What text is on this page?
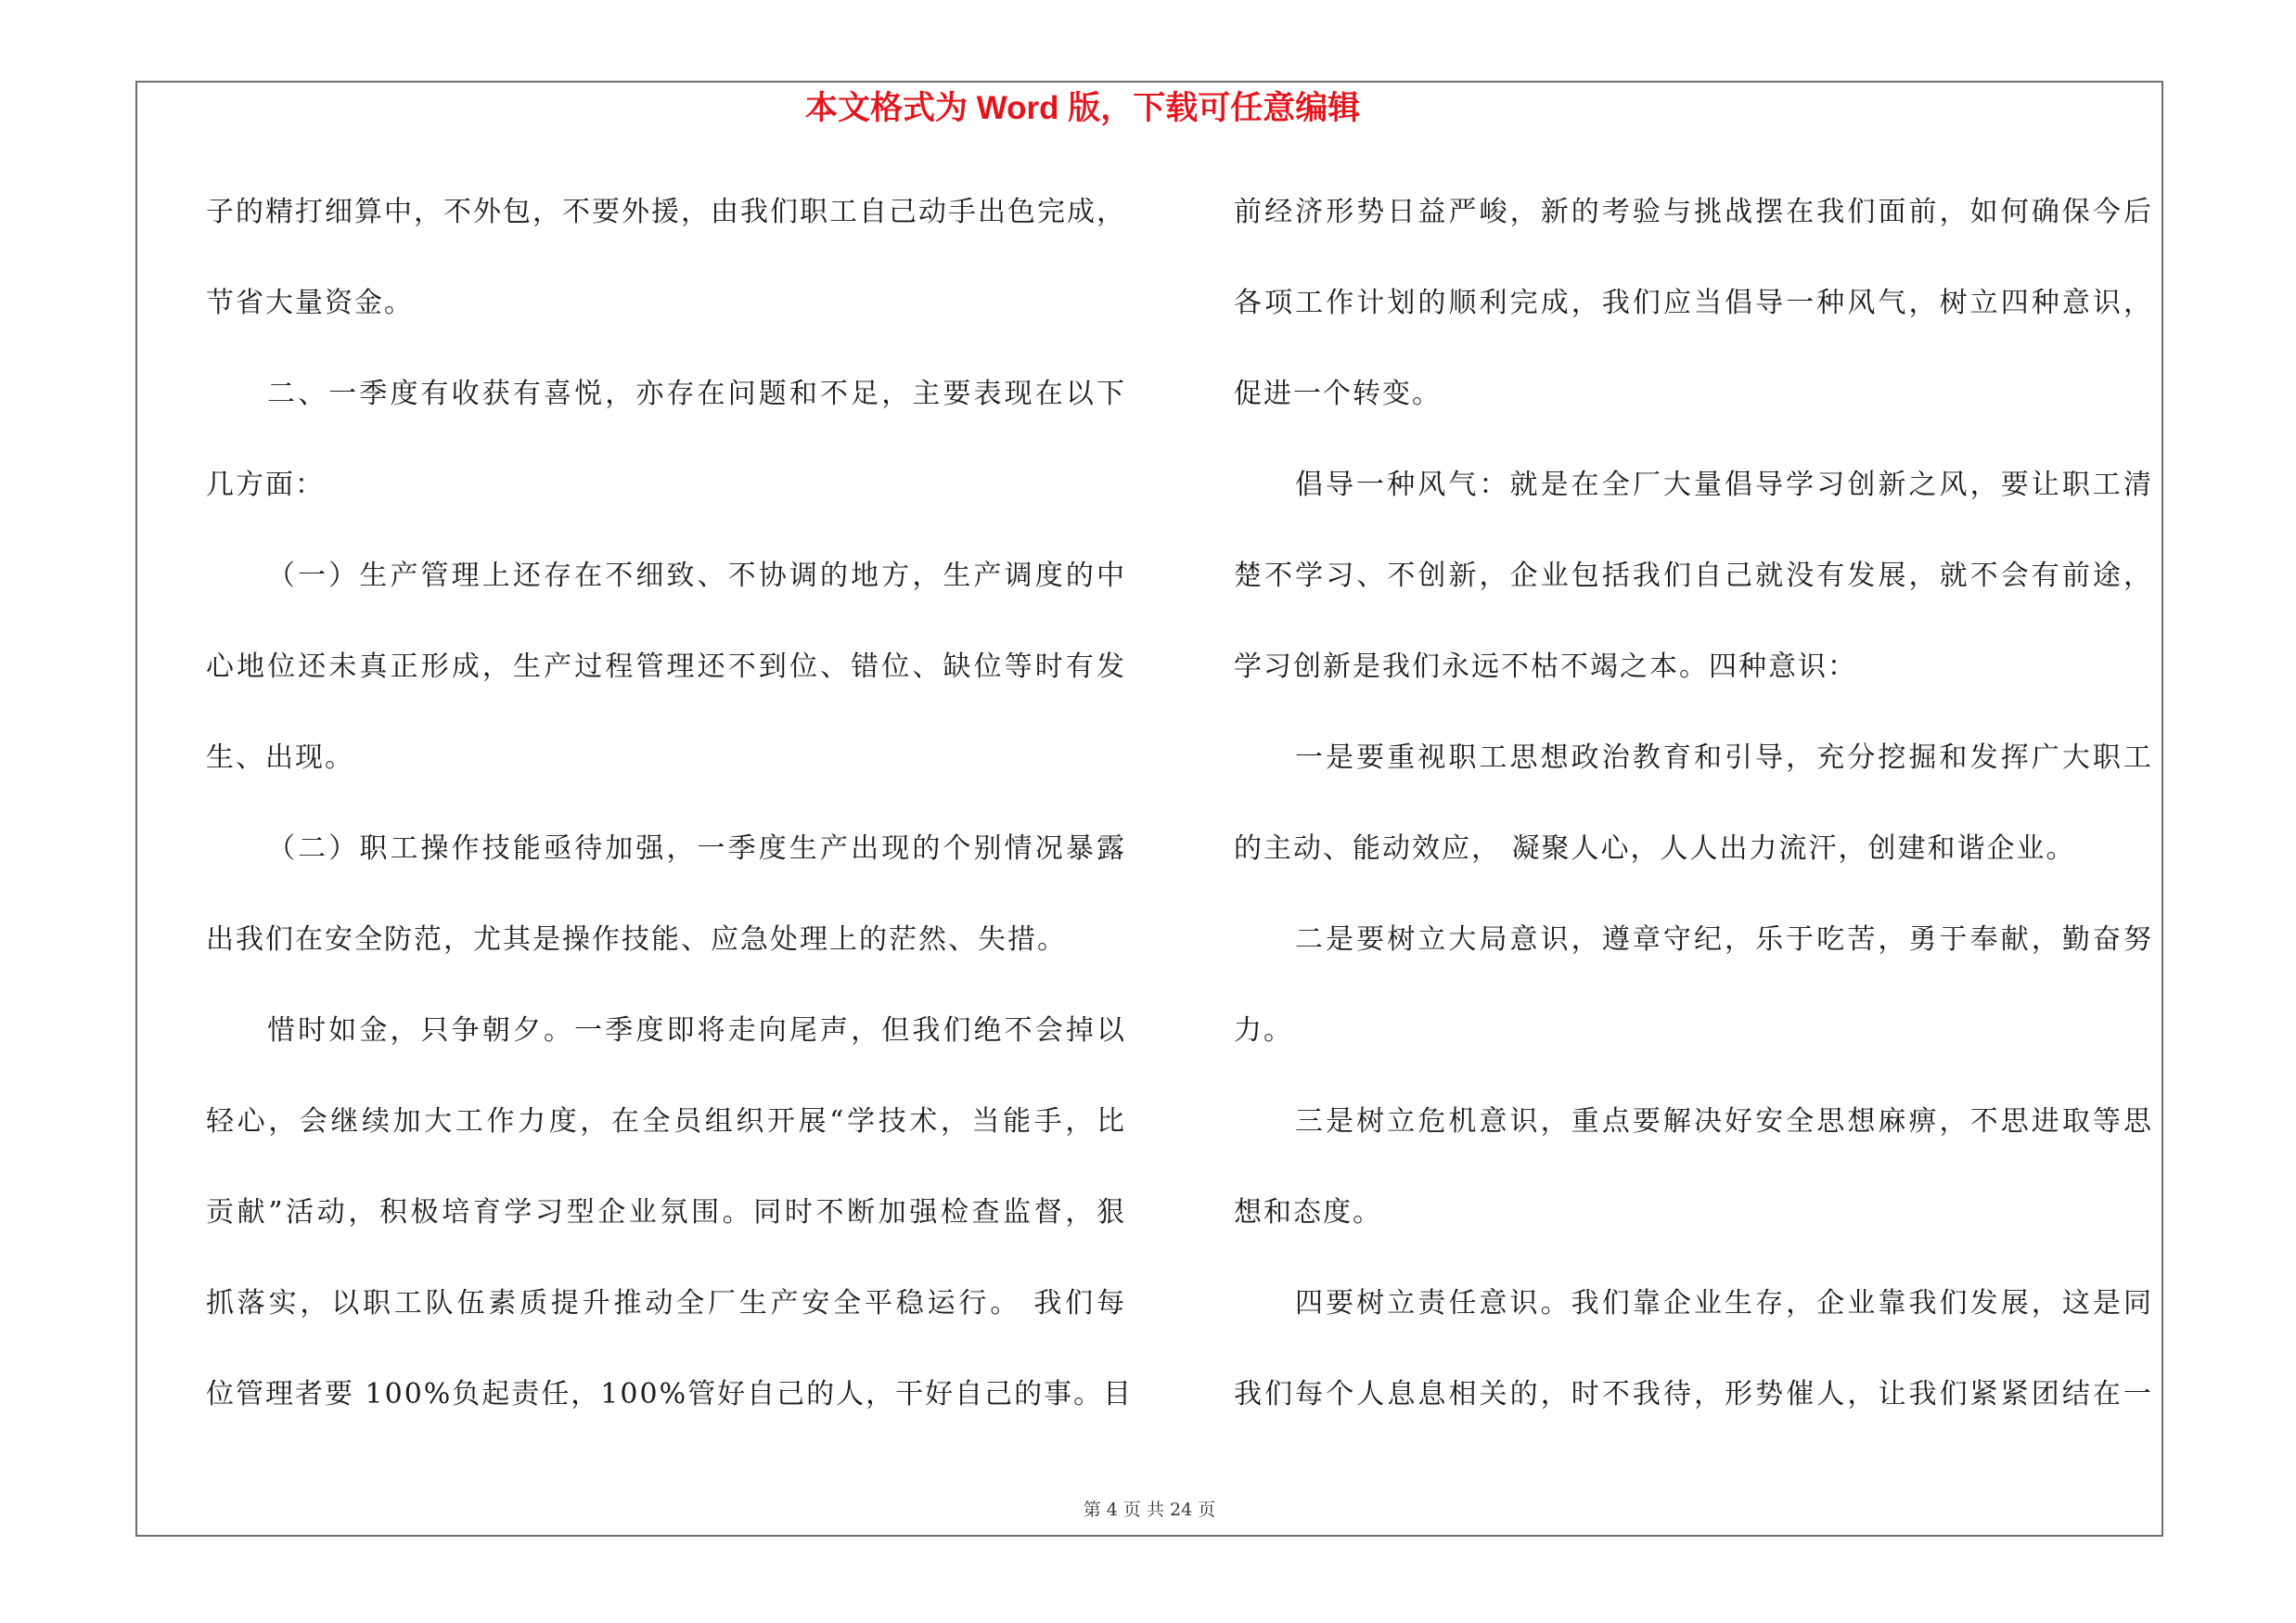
本文格式为 Word 版，下载可任意编辑
子的精打细算中，不外包，不要外援，由我们职工自己动手出色完成，
节省大量资金。
二、一季度有收获有喜悦，亦存在问题和不足，主要表现在以下
几方面：
（一）生产管理上还存在不细致、不协调的地方，生产调度的中
心地位还未真正形成，生产过程管理还不到位、错位、缺位等时有发
生、出现。
（二）职工操作技能亟待加强，一季度生产出现的个别情况暴露
出我们在安全防范，尤其是操作技能、应急处理上的茫然、失措。
惜时如金，只争朝夕。一季度即将走向尾声，但我们绝不会掉以
轻心，会继续加大工作力度，在全员组织开展“学技术，当能手，比
贡献”活动，积极培育学习型企业氛围。同时不断加强检查监督，狠
抓落实，以职工队伍素质提升推动全厂生产安全平稳运行。 我们每
位管理者要 100%负起责任，100%管好自己的人，干好自己的事。目
前经济形势日益严峻，新的考验与挑战摆在我们面前，如何确保今后
各项工作计划的顺利完成，我们应当倡导一种风气，树立四种意识，
促进一个转变。
倡导一种风气：就是在全厂大量倡导学习创新之风，要让职工清
楚不学习、不创新，企业包括我们自己就没有发展，就不会有前途，
学习创新是我们永远不枯不竭之本。四种意识：
一是要重视职工思想政治教育和引导，充分挖掘和发挥广大职工
的主动、能动效应， 凝聚人心，人人出力流汗，创建和谐企业。
二是要树立大局意识，遵章守纪，乐于吃苦，勇于奉献，勤奋努
力。
三是树立危机意识，重点要解决好安全思想麻痹，不思进取等思
想和态度。
四要树立责任意识。我们靠企业生存，企业靠我们发展，这是同
我们每个人息息相关的，时不我待，形势催人，让我们紧紧团结在一
第 4 页 共 24 页
